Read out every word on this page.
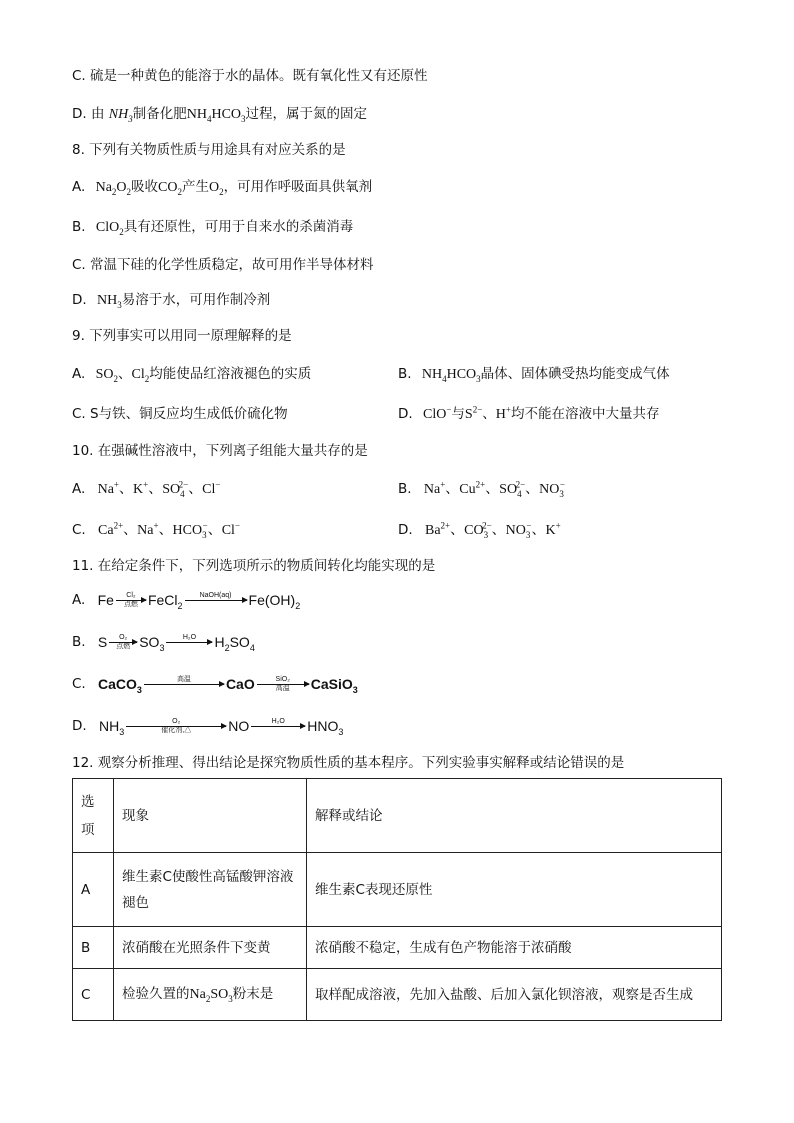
C. 硫是一种黄色的能溶于水的晶体。既有氧化性又有还原性
D. 由 $NH_3$制备化肥$NH_4HCO_3$过程，属于氮的固定
8. 下列有关物质性质与用途具有对应关系的是
A. $Na_2O_2$吸收$CO_2$产生$O_2$，可用作呼吸面具供氧剂
B. ClO$_2$具有还原性，可用于自来水的杀菌消毒
C. 常温下硅的化学性质稳定，故可用作半导体材料
D. $NH_3$易溶于水，可用作制冷剂
9. 下列事实可以用同一原理解释的是
A. $SO_2$、$Cl_2$均能使品红溶液褪色的实质	B. $NH_4HCO_3$晶体、固体碘受热均能变成气体
C. S与铁、铜反应均生成低价硫化物	D. ClO−与$S^{2-}$、H+均不能在溶液中大量共存
10. 在强碱性溶液中，下列离子组能大量共存的是
A. Na+、K+、$SO_4^{2-}$、Cl−	B. Na+、$Cu^{2+}$、$SO_4^{2-}$、$NO_3^-$
C. $Ca^{2+}$、Na+、$HCO_3^-$、Cl−	D. $Ba^{2+}$、$CO_3^{2-}$、$NO_3^-$、K+
11. 在给定条件下，下列选项所示的物质间转化均能实现的是
A. Fe Cl₂
点燃 FeCl$_2$
NaOH(aq) $Fe(OH)_2$
B. S O₂
点燃 $SO_3$
H₂O $H_2SO_4$
C. CaCO$_3$
高温	CaO	SiO₂
高温 CaSiO$_3$
D. $NH_3$
O₂
催化剂,△	NO	H₂O $HNO_3$
12. 观察分析推理、得出结论是探究物质性质的基本程序。下列实验事实解释或结论错误的是
选项	现象	解释或结论
A	维生素C使酸性高锰酸钾溶液褪色	维生素C表现还原性
B	浓硝酸在光照条件下变黄	浓硝酸不稳定，生成有色产物能溶于浓硝酸
C	检验久置的$Na_2SO_3$粉末是	取样配成溶液，先加入盐酸、后加入氯化钡溶液，观察是否生成
